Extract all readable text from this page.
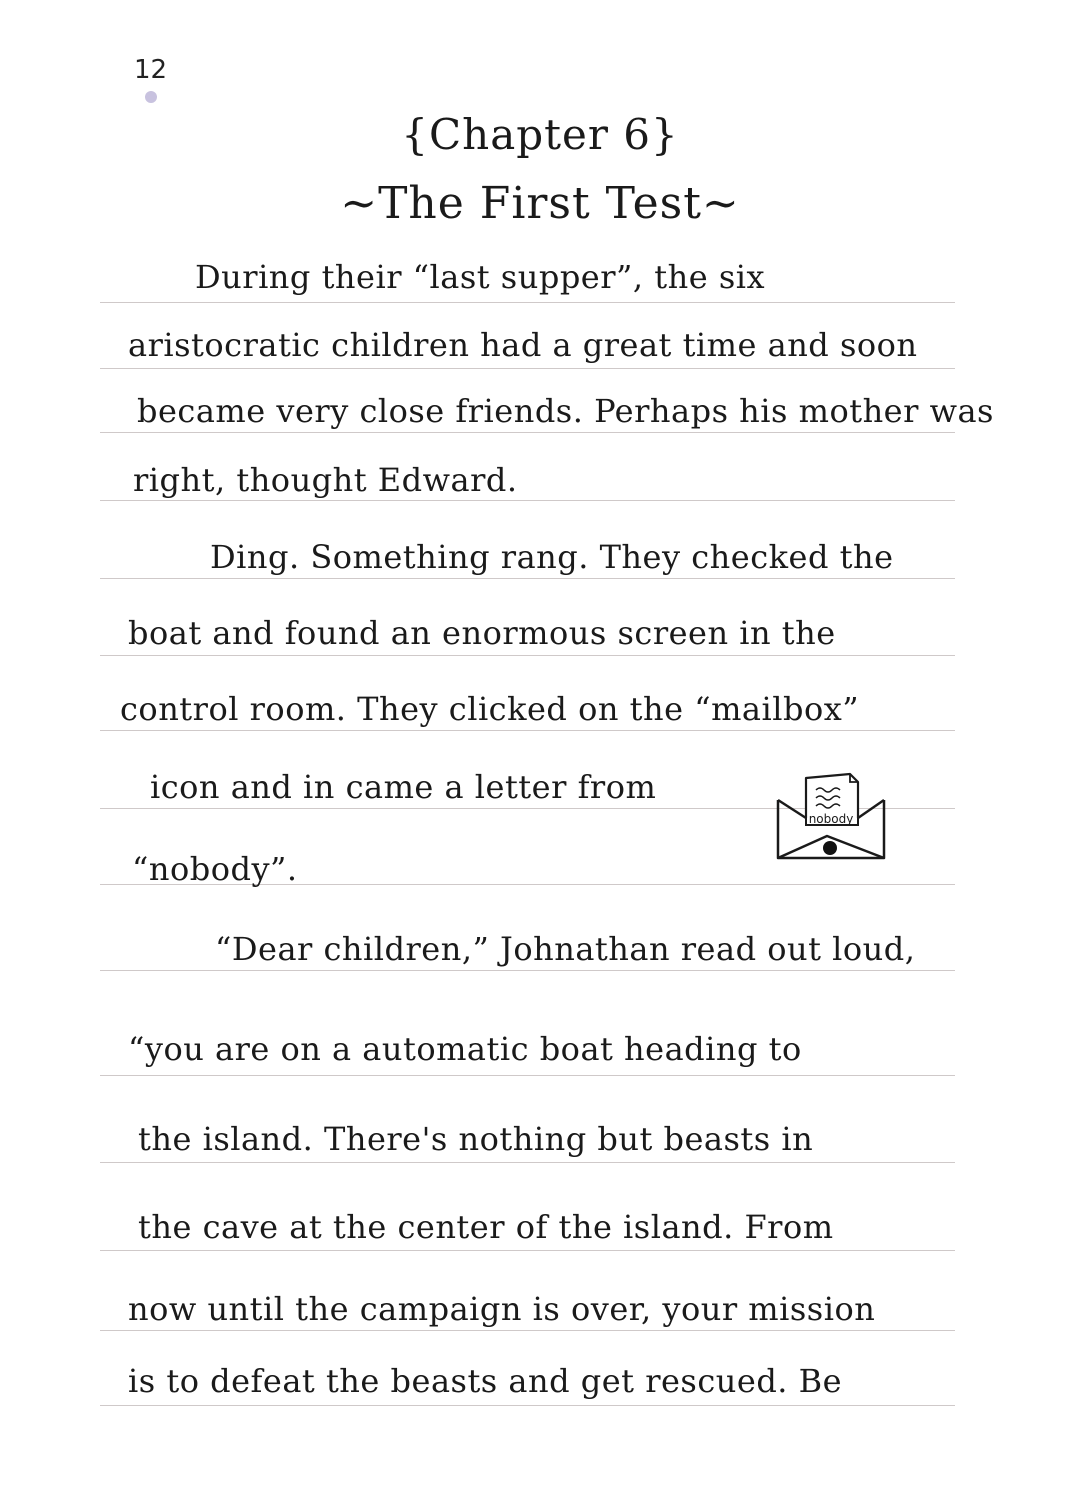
12
{Chapter 6}
~The First Test~
During their “last supper”, the six
aristocratic children had a great time and soon
became very close friends. Perhaps his mother was
right, thought Edward.
Ding. Something rang. They checked the
boat and found an enormous screen in the
control room. They clicked on the “mailbox”
icon and in came a letter from
“nobody”.
“Dear children,” Johnathan read out loud,
“you are on a automatic boat heading to
the island. There's nothing but beasts in
the cave at the center of the island. From
now until the campaign is over, your mission
is to defeat the beasts and get rescued. Be
nobody
